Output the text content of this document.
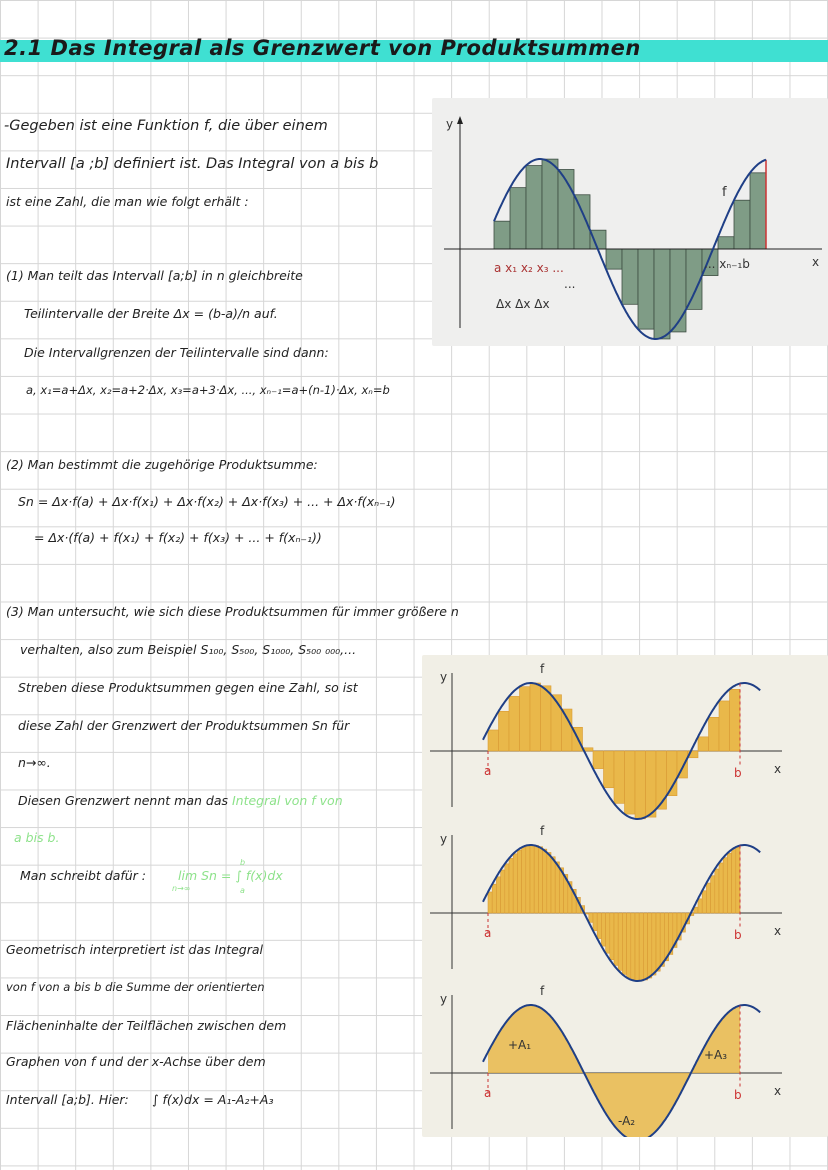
2.1 Das Integral als Grenzwert von Produktsummen
-Gegeben ist eine Funktion f, die über einem
Intervall [a ;b] definiert ist. Das Integral von a bis b
ist eine Zahl, die man wie folgt erhält :
(1) Man teilt das Intervall [a;b] in n gleichbreite
Teilintervalle der Breite Δx = (b-a)/n auf.
Die Intervallgrenzen der Teilintervalle sind dann:
a, x₁=a+Δx, x₂=a+2·Δx, x₃=a+3·Δx, ..., xₙ₋₁=a+(n-1)·Δx, xₙ=b
(2) Man bestimmt die zugehörige Produktsumme:
Sn = Δx·f(a) + Δx·f(x₁) + Δx·f(x₂) + Δx·f(x₃) + ... + Δx·f(xₙ₋₁)
= Δx·(f(a) + f(x₁) + f(x₂) + f(x₃) + ... + f(xₙ₋₁))
(3) Man untersucht, wie sich diese Produktsummen für immer größere n
verhalten, also zum Beispiel S₁₀₀, S₅₀₀, S₁₀₀₀, S₅₀₀ ₀₀₀,...
Streben diese Produktsummen gegen eine Zahl, so ist
diese Zahl der Grenzwert der Produktsummen Sn für
n→∞.
Diesen Grenzwert nennt man das Integral von f von
a bis b.
Man schreibt dafür :	lim Sn = ∫ f(x)dx
n→∞
b
a
Geometrisch interpretiert ist das Integral
von f von a bis b die Summe der orientierten
Flächeninhalte der Teilflächen zwischen dem
Graphen von f und der x-Achse über dem
Intervall [a;b]. Hier: ∫ f(x)dx = A₁-A₂+A₃
y
x
f
a x₁ x₂ x₃ ...	... xₙ₋₁b
Δx Δx Δx
...
y
x
f
a	b
y
x
f
a	b
y
x
f
a	b
+A₁
-A₂
+A₃
